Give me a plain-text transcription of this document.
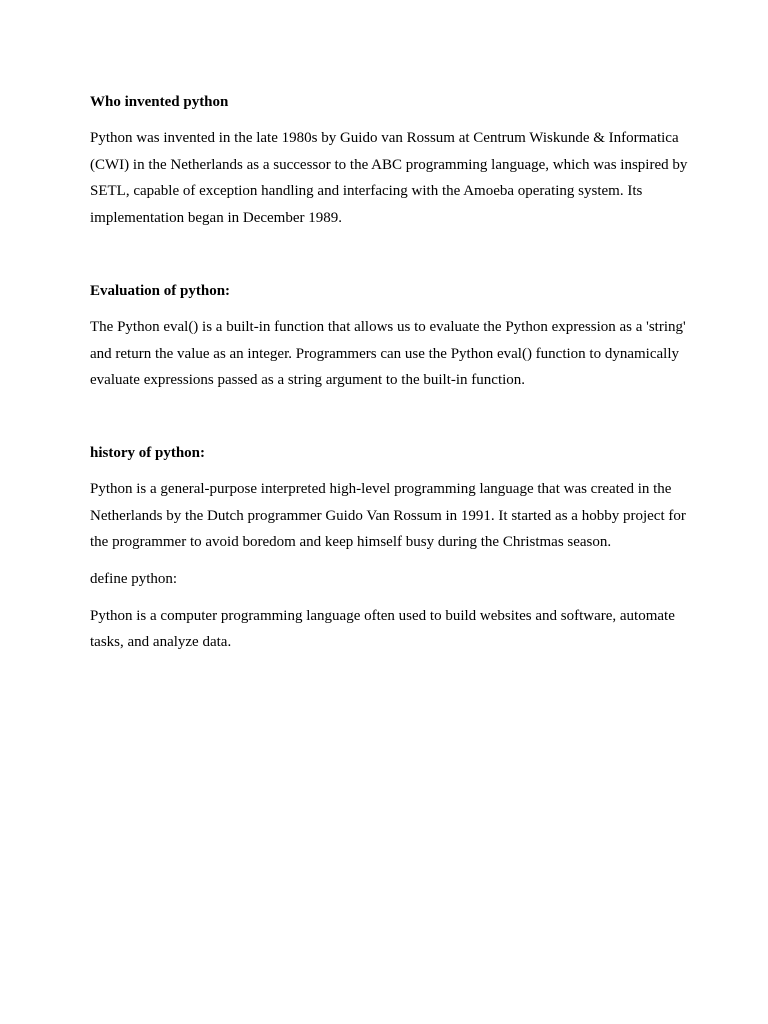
Who invented python

Python was invented in the late 1980s by Guido van Rossum at Centrum Wiskunde & Informatica (CWI) in the Netherlands as a successor to the ABC programming language, which was inspired by SETL, capable of exception handling and interfacing with the Amoeba operating system. Its implementation began in December 1989.

Evaluation of python:

The Python eval() is a built-in function that allows us to evaluate the Python expression as a 'string' and return the value as an integer. Programmers can use the Python eval() function to dynamically evaluate expressions passed as a string argument to the built-in function.

history of python:

Python is a general-purpose interpreted high-level programming language that was created in the Netherlands by the Dutch programmer Guido Van Rossum in 1991. It started as a hobby project for the programmer to avoid boredom and keep himself busy during the Christmas season.

define python:

Python is a computer programming language often used to build websites and software, automate tasks, and analyze data.
